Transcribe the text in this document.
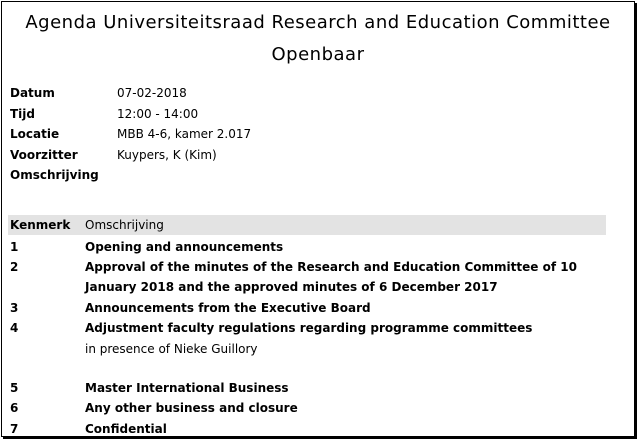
Agenda Universiteitsraad Research and Education Committee
Openbaar
Datum	07-02-2018
Tijd	12:00 - 14:00
Locatie	MBB 4-6, kamer 2.017
Voorzitter	Kuypers, K (Kim)
Omschrijving
Kenmerk Omschrijving
1	Opening and announcements
2	Approval of the minutes of the Research and Education Committee of 10 January 2018 and the approved minutes of 6 December 2017
3	Announcements from the Executive Board
4	Adjustment faculty regulations regarding programme committees
in presence of Nieke Guillory
5	Master International Business
6	Any other business and closure
7	Confidential
